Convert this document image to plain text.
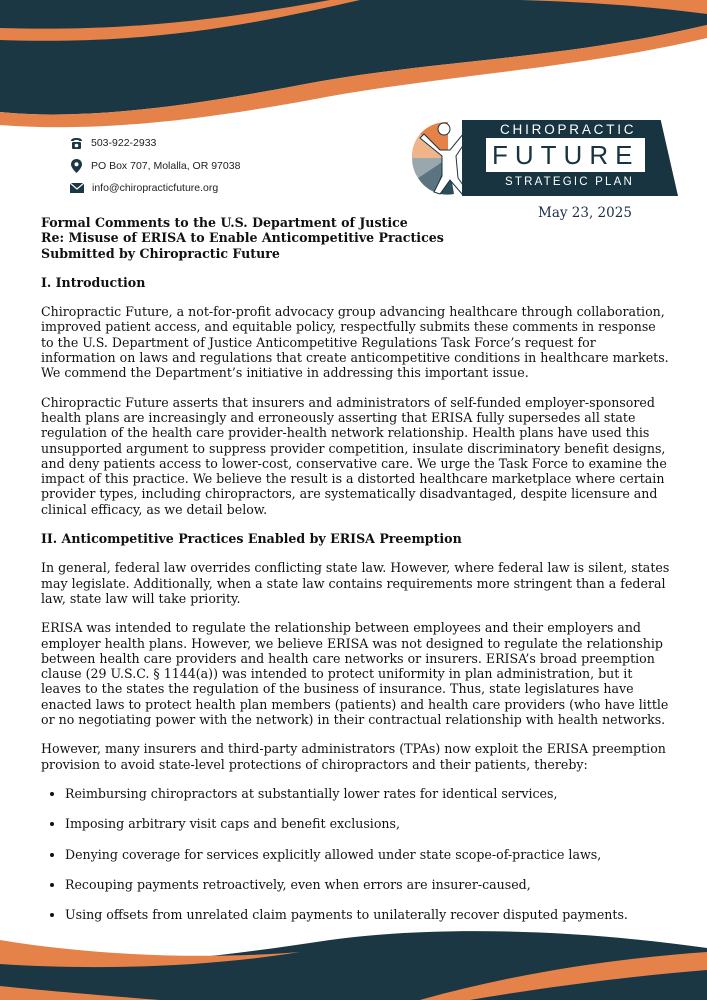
503-922-2933
PO Box 707, Molalla, OR 97038
info@chiropracticfuture.org
CHIROPRACTIC
FUTURE
STRATEGIC PLAN
May 23, 2025
Formal Comments to the U.S. Department of Justice
Re: Misuse of ERISA to Enable Anticompetitive Practices
Submitted by Chiropractic Future
I. Introduction

Chiropractic Future, a not-for-profit advocacy group advancing healthcare through collaboration, improved patient access, and equitable policy, respectfully submits these comments in response to the U.S. Department of Justice Anticompetitive Regulations Task Force’s request for information on laws and regulations that create anticompetitive conditions in healthcare markets. We commend the Department’s initiative in addressing this important issue.

Chiropractic Future asserts that insurers and administrators of self-funded employer-sponsored health plans are increasingly and erroneously asserting that ERISA fully supersedes all state regulation of the health care provider-health network relationship. Health plans have used this unsupported argument to suppress provider competition, insulate discriminatory benefit designs, and deny patients access to lower-cost, conservative care. We urge the Task Force to examine the impact of this practice. We believe the result is a distorted healthcare marketplace where certain provider types, including chiropractors, are systematically disadvantaged, despite licensure and clinical efficacy, as we detail below.

II. Anticompetitive Practices Enabled by ERISA Preemption

In general, federal law overrides conflicting state law. However, where federal law is silent, states may legislate. Additionally, when a state law contains requirements more stringent than a federal law, state law will take priority.

ERISA was intended to regulate the relationship between employees and their employers and employer health plans. However, we believe ERISA was not designed to regulate the relationship between health care providers and health care networks or insurers. ERISA’s broad preemption clause (29 U.S.C. § 1144(a)) was intended to protect uniformity in plan administration, but it leaves to the states the regulation of the business of insurance. Thus, state legislatures have enacted laws to protect health plan members (patients) and health care providers (who have little or no negotiating power with the network) in their contractual relationship with health networks.

However, many insurers and third-party administrators (TPAs) now exploit the ERISA preemption provision to avoid state-level protections of chiropractors and their patients, thereby:

• Reimbursing chiropractors at substantially lower rates for identical services,
• Imposing arbitrary visit caps and benefit exclusions,
• Denying coverage for services explicitly allowed under state scope-of-practice laws,
• Recouping payments retroactively, even when errors are insurer-caused,
• Using offsets from unrelated claim payments to unilaterally recover disputed payments.
